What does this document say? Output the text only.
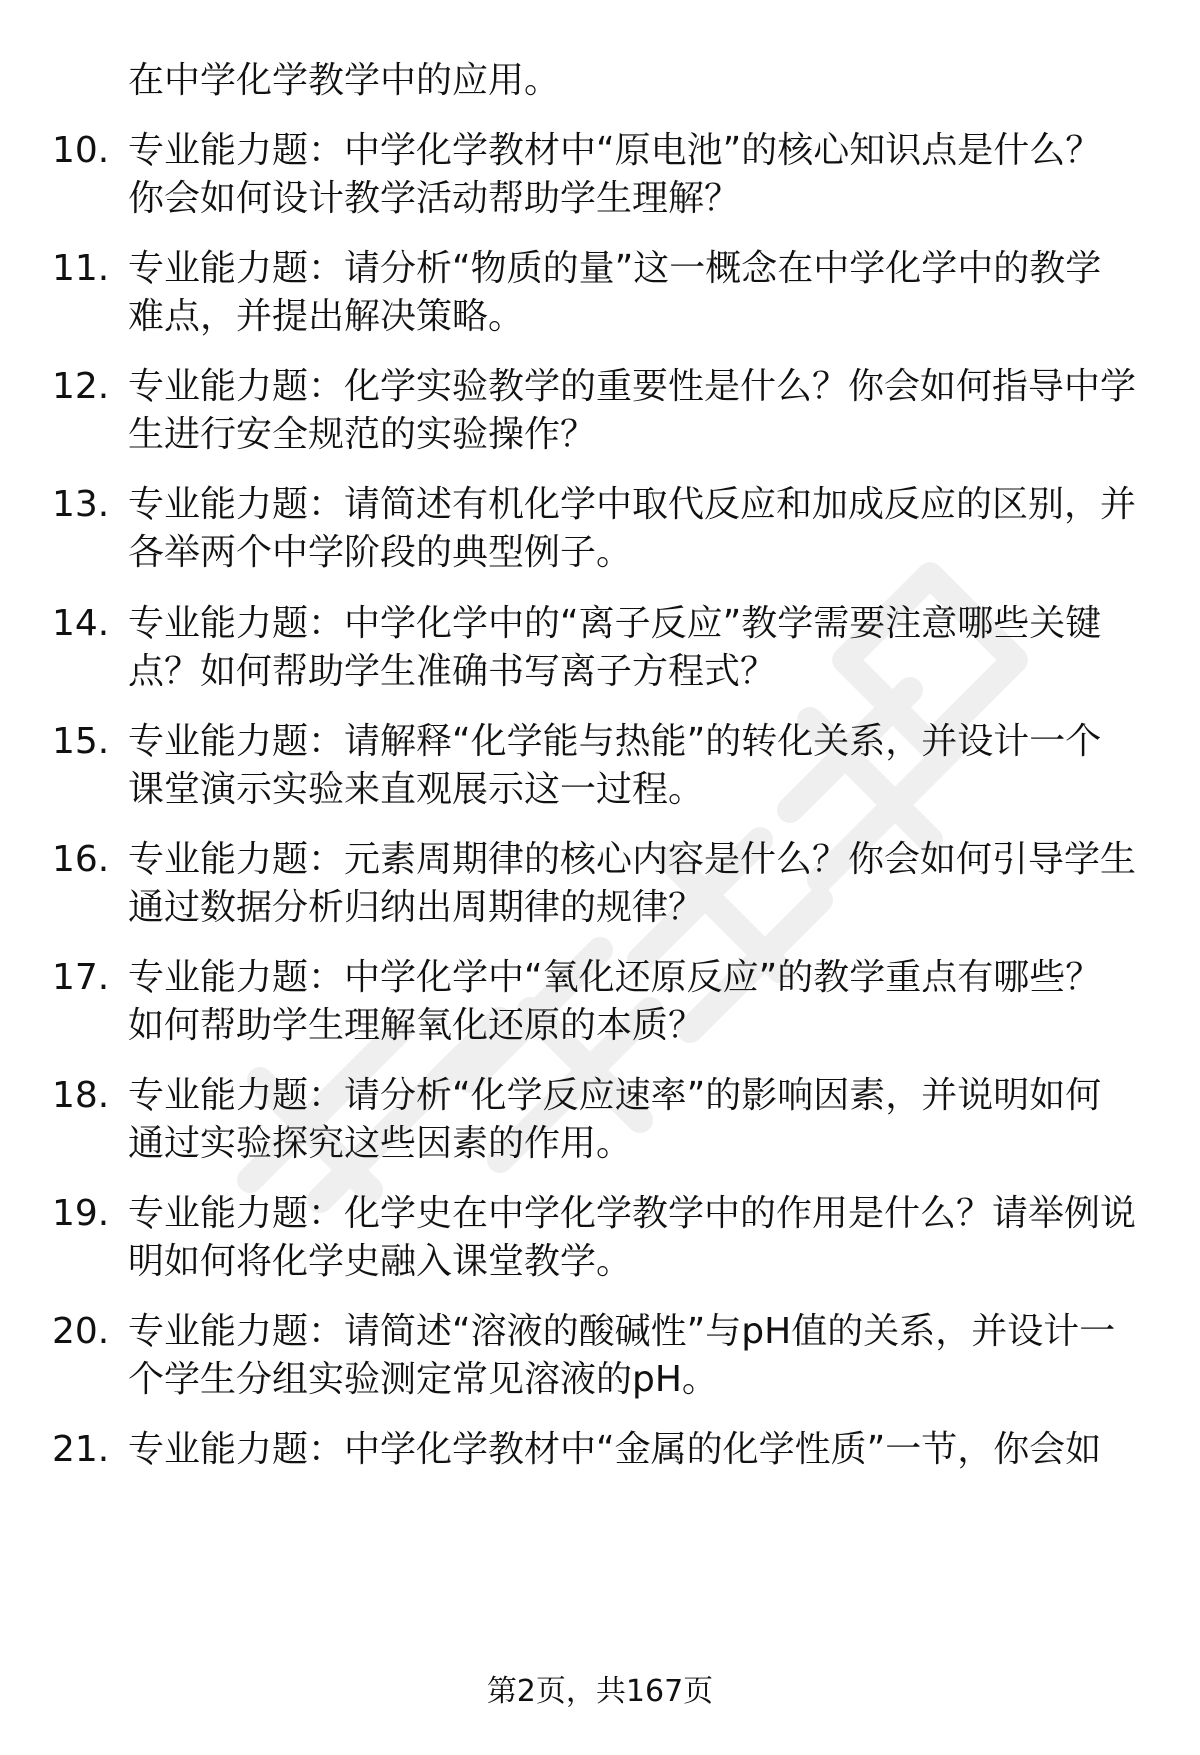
在中学化学教学中的应用。
10. 专业能力题：中学化学教材中“原电池”的核心知识点是什么？
你会如何设计教学活动帮助学生理解？
11. 专业能力题：请分析“物质的量”这一概念在中学化学中的教学
难点，并提出解决策略。
12. 专业能力题：化学实验教学的重要性是什么？你会如何指导中学
生进行安全规范的实验操作？
13. 专业能力题：请简述有机化学中取代反应和加成反应的区别，并
各举两个中学阶段的典型例子。
14. 专业能力题：中学化学中的“离子反应”教学需要注意哪些关键
点？如何帮助学生准确书写离子方程式？
15. 专业能力题：请解释“化学能与热能”的转化关系，并设计一个
课堂演示实验来直观展示这一过程。
16. 专业能力题：元素周期律的核心内容是什么？你会如何引导学生
通过数据分析归纳出周期律的规律？
17. 专业能力题：中学化学中“氧化还原反应”的教学重点有哪些？
如何帮助学生理解氧化还原的本质？
18. 专业能力题：请分析“化学反应速率”的影响因素，并说明如何
通过实验探究这些因素的作用。
19. 专业能力题：化学史在中学化学教学中的作用是什么？请举例说
明如何将化学史融入课堂教学。
20. 专业能力题：请简述“溶液的酸碱性”与pH值的关系，并设计一
个学生分组实验测定常见溶液的pH。
21. 专业能力题：中学化学教材中“金属的化学性质”一节，你会如
第2页，共167页
